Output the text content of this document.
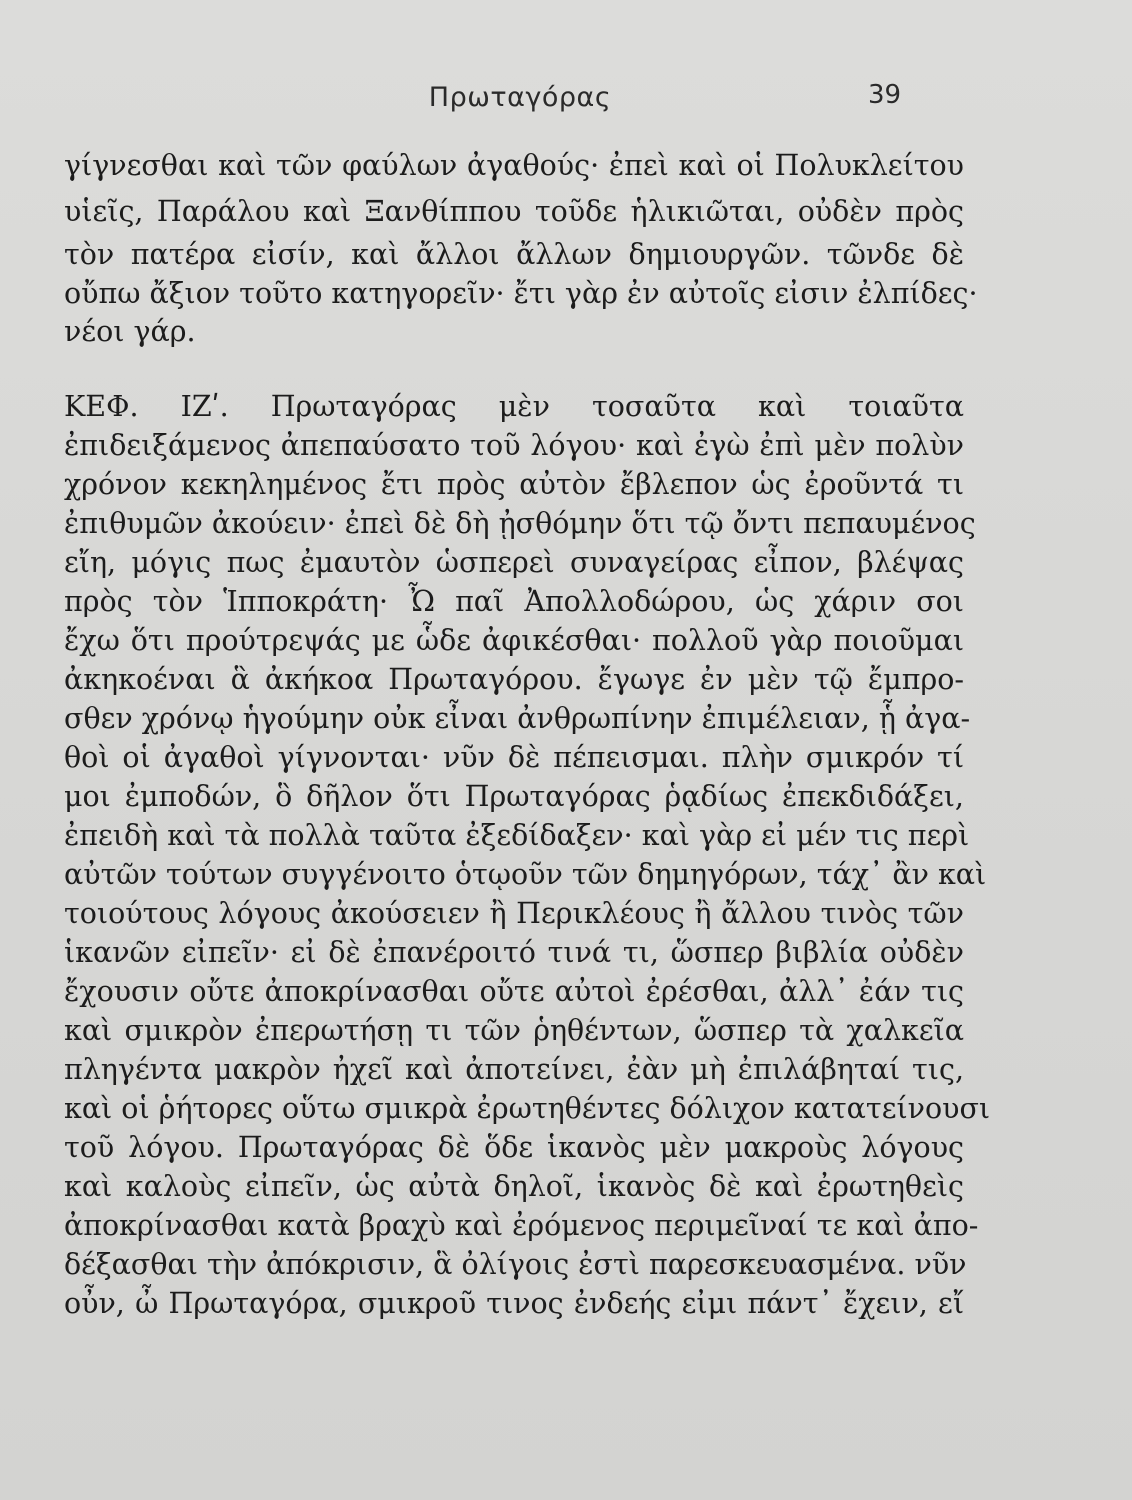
Πρωταγόρας	39

γίγνεσθαι καὶ τῶν φαύλων ἀγαθούς· ἐπεὶ καὶ οἱ Πολυκλείτου

υἱεῖς, Παράλου καὶ Ξανθίππου τοῦδε ἡλικιῶται, οὐδὲν πρὸς

τὸν πατέρα εἰσίν, καὶ ἄλλοι ἄλλων δημιουργῶν. τῶνδε δὲ

οὔπω ἄξιον τοῦτο κατηγορεῖν· ἔτι γὰρ ἐν αὐτοῖς εἰσιν ἐλπίδες·

νέοι γάρ.

ΚΕΦ. ΙΖʹ. Πρωταγόρας μὲν τοσαῦτα καὶ τοιαῦτα

ἐπιδειξάμενος ἀπεπαύσατο τοῦ λόγου· καὶ ἐγὼ ἐπὶ μὲν πολὺν

χρόνον κεκηλημένος ἔτι πρὸς αὐτὸν ἔβλεπον ὡς ἐροῦντά τι

ἐπιθυμῶν ἀκούειν· ἐπεὶ δὲ δὴ ᾐσθόμην ὅτι τῷ ὄντι πεπαυμένος

εἴη, μόγις πως ἐμαυτὸν ὡσπερεὶ συναγείρας εἶπον, βλέψας

πρὸς τὸν Ἱπποκράτη· Ὦ παῖ Ἀπολλοδώρου, ὡς χάριν σοι

ἔχω ὅτι προύτρεψάς με ὧδε ἀφικέσθαι· πολλοῦ γὰρ ποιοῦμαι

ἀκηκοέναι ἃ ἀκήκοα Πρωταγόρου. ἔγωγε ἐν μὲν τῷ ἔμπρο-

σθεν χρόνῳ ἡγούμην οὐκ εἶναι ἀνθρωπίνην ἐπιμέλειαν, ᾗ ἀγα-

θοὶ οἱ ἀγαθοὶ γίγνονται· νῦν δὲ πέπεισμαι. πλὴν σμικρόν τί

μοι ἐμποδών, ὃ δῆλον ὅτι Πρωταγόρας ῥᾳδίως ἐπεκδιδάξει,

ἐπειδὴ καὶ τὰ πολλὰ ταῦτα ἐξεδίδαξεν· καὶ γὰρ εἰ μέν τις περὶ

αὐτῶν τούτων συγγένοιτο ὁτῳοῦν τῶν δημηγόρων, τάχ᾽ ἂν καὶ

τοιούτους λόγους ἀκούσειεν ἢ Περικλέους ἢ ἄλλου τινὸς τῶν

ἱκανῶν εἰπεῖν· εἰ δὲ ἐπανέροιτό τινά τι, ὥσπερ βιβλία οὐδὲν

ἔχουσιν οὔτε ἀποκρίνασθαι οὔτε αὐτοὶ ἐρέσθαι, ἀλλ᾽ ἐάν τις

καὶ σμικρὸν ἐπερωτήσῃ τι τῶν ῥηθέντων, ὥσπερ τὰ χαλκεῖα

πληγέντα μακρὸν ἠχεῖ καὶ ἀποτείνει, ἐὰν μὴ ἐπιλάβηταί τις,

καὶ οἱ ῥήτορες οὕτω σμικρὰ ἐρωτηθέντες δόλιχον κατατείνουσι

τοῦ λόγου. Πρωταγόρας δὲ ὅδε ἱκανὸς μὲν μακροὺς λόγους

καὶ καλοὺς εἰπεῖν, ὡς αὐτὰ δηλοῖ, ἱκανὸς δὲ καὶ ἐρωτηθεὶς

ἀποκρίνασθαι κατὰ βραχὺ καὶ ἐρόμενος περιμεῖναί τε καὶ ἀπο-

δέξασθαι τὴν ἀπόκρισιν, ἃ ὀλίγοις ἐστὶ παρεσκευασμένα. νῦν

οὖν, ὦ Πρωταγόρα, σμικροῦ τινος ἐνδεής εἰμι πάντ᾽ ἔχειν, εἴ
